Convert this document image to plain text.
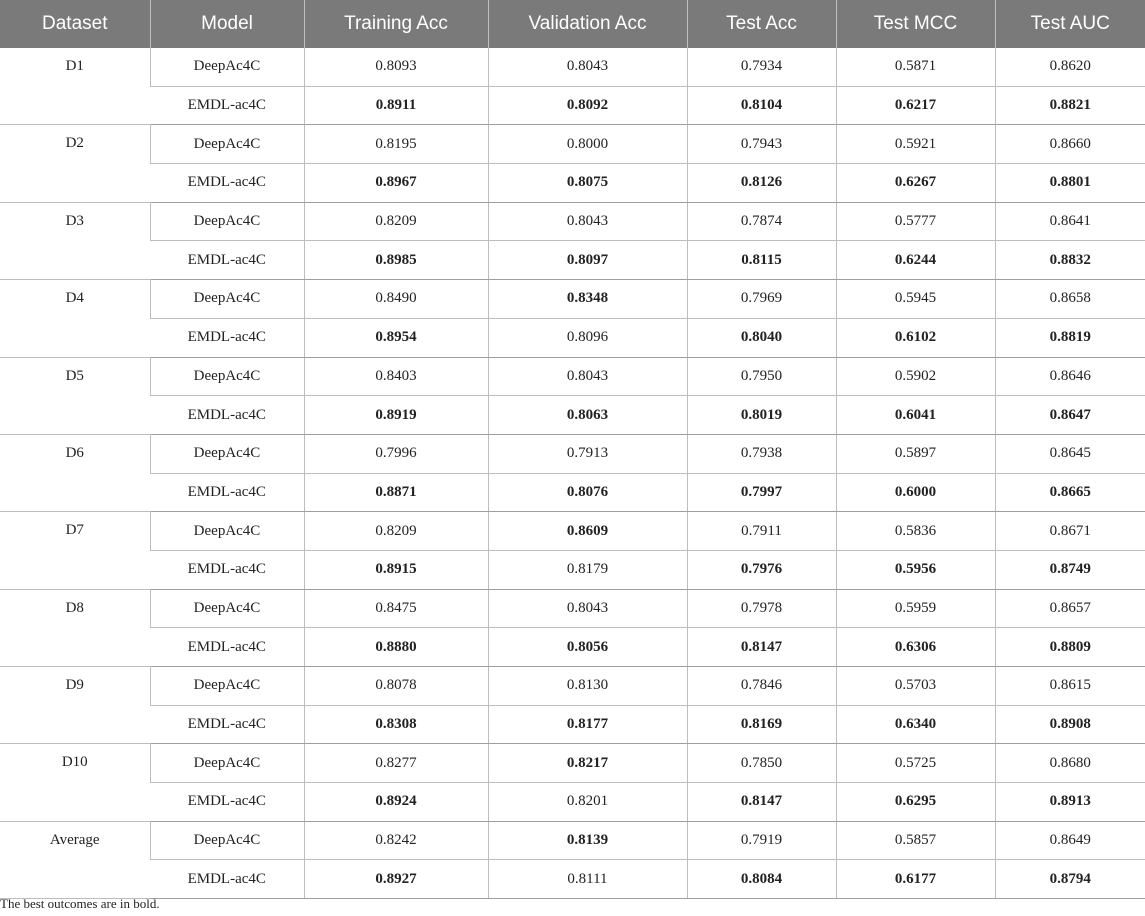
Dataset	Model	Training Acc	Validation Acc	Test Acc	Test MCC	Test AUC
D1	DeepAc4C	0.8093	0.8043	0.7934	0.5871	0.8620
	EMDL-ac4C	0.8911	0.8092	0.8104	0.6217	0.8821
D2	DeepAc4C	0.8195	0.8000	0.7943	0.5921	0.8660
	EMDL-ac4C	0.8967	0.8075	0.8126	0.6267	0.8801
D3	DeepAc4C	0.8209	0.8043	0.7874	0.5777	0.8641
	EMDL-ac4C	0.8985	0.8097	0.8115	0.6244	0.8832
D4	DeepAc4C	0.8490	0.8348	0.7969	0.5945	0.8658
	EMDL-ac4C	0.8954	0.8096	0.8040	0.6102	0.8819
D5	DeepAc4C	0.8403	0.8043	0.7950	0.5902	0.8646
	EMDL-ac4C	0.8919	0.8063	0.8019	0.6041	0.8647
D6	DeepAc4C	0.7996	0.7913	0.7938	0.5897	0.8645
	EMDL-ac4C	0.8871	0.8076	0.7997	0.6000	0.8665
D7	DeepAc4C	0.8209	0.8609	0.7911	0.5836	0.8671
	EMDL-ac4C	0.8915	0.8179	0.7976	0.5956	0.8749
D8	DeepAc4C	0.8475	0.8043	0.7978	0.5959	0.8657
	EMDL-ac4C	0.8880	0.8056	0.8147	0.6306	0.8809
D9	DeepAc4C	0.8078	0.8130	0.7846	0.5703	0.8615
	EMDL-ac4C	0.8308	0.8177	0.8169	0.6340	0.8908
D10	DeepAc4C	0.8277	0.8217	0.7850	0.5725	0.8680
	EMDL-ac4C	0.8924	0.8201	0.8147	0.6295	0.8913
Average	DeepAc4C	0.8242	0.8139	0.7919	0.5857	0.8649
	EMDL-ac4C	0.8927	0.8111	0.8084	0.6177	0.8794

The best outcomes are in bold.
